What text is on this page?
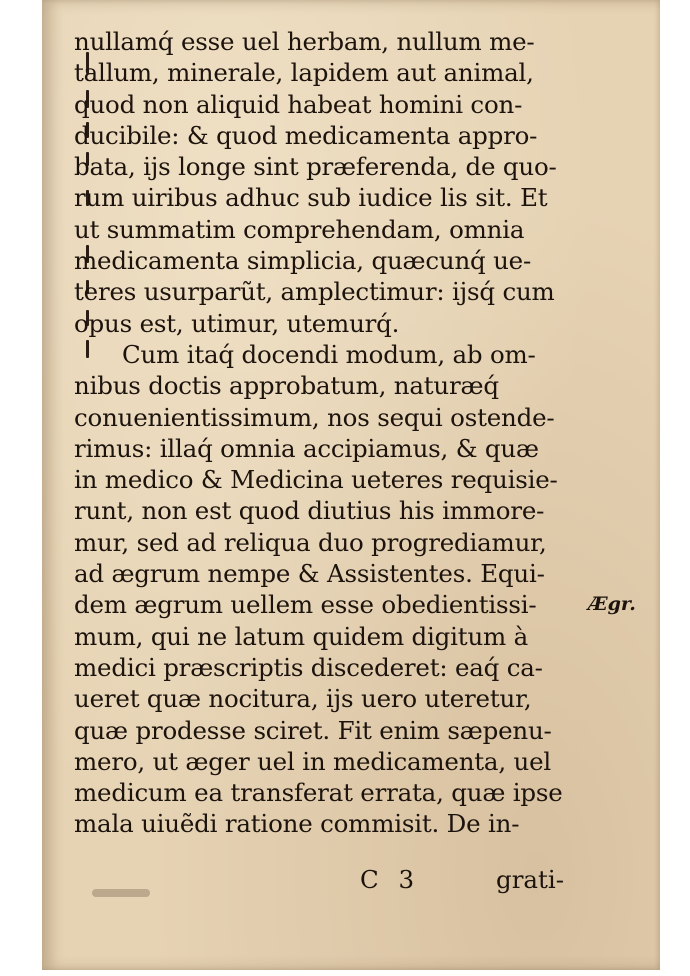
nullamq́ esse uel herbam, nullum me-
tallum, minerale, lapidem aut animal,
quod non aliquid habeat homini con-
ducibile: & quod medicamenta appro-
bata, ijs longe sint præferenda, de quo-
rum uiribus adhuc sub iudice lis sit. Et
ut summatim comprehendam, omnia
medicamenta simplicia, quæcunq́ ue-
teres usurparũt, amplectimur: ijsq́ cum
opus est, utimur, utemurq́.
Cum itaq́ docendi modum, ab om-
nibus doctis approbatum, naturæq́
conuenientissimum, nos sequi ostende-
rimus: illaq́ omnia accipiamus, & quæ
in medico & Medicina ueteres requisie-
runt, non est quod diutius his immore-
mur, sed ad reliqua duo progrediamur,
ad ægrum nempe & Assistentes. Equi-
dem ægrum uellem esse obedientissi-
mum, qui ne latum quidem digitum à
medici præscriptis discederet: eaq́ ca-
ueret quæ nocitura, ijs uero uteretur,
quæ prodesse sciret. Fit enim sæpenu-
mero, ut æger uel in medicamenta, uel
medicum ea transferat errata, quæ ipse
mala uiuẽdi ratione commisit. De in-
Ægr.
C 3	grati-
